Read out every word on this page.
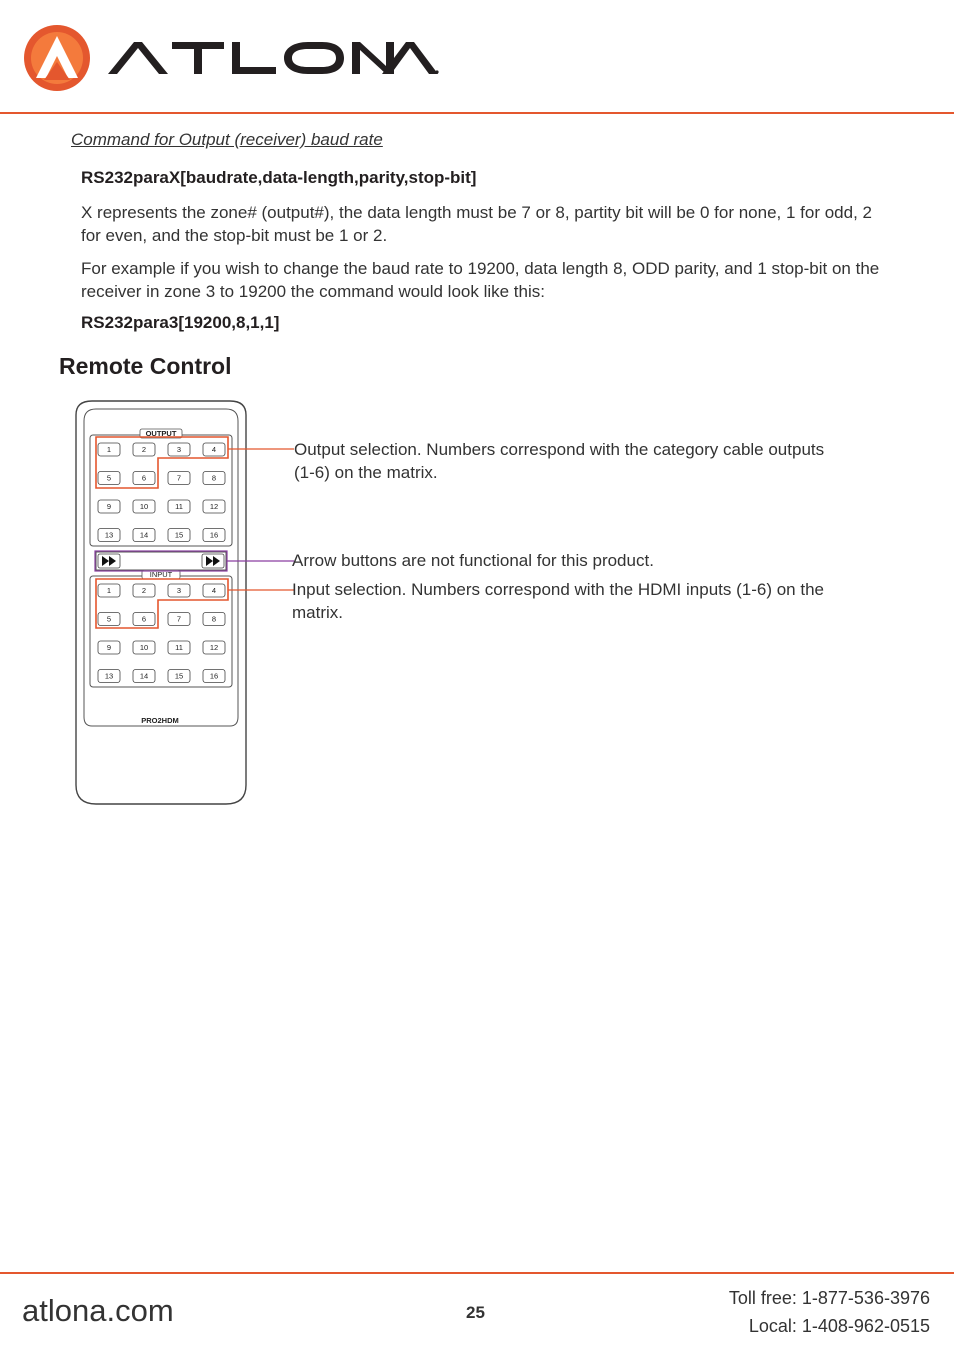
Command for Output (receiver) baud rate
RS232paraX[baudrate,data-length,parity,stop-bit]
X represents the zone# (output#), the data length must be 7 or 8, partity bit will be 0 for none, 1 for odd, 2 for even, and the stop-bit must be 1 or 2.
For example if you wish to change the baud rate to 19200, data length 8, ODD parity, and 1 stop-bit on the receiver in zone 3 to 19200 the command would look like this:
RS232para3[19200,8,1,1]
Remote Control
OUTPUT
1	2	3	4
5	6	7	8
9	10	11	12
13	14	15	16
INPUT
1	2	3	4
5	6	7	8
9	10	11	12
13	14	15	16
PRO2HDM
Output selection. Numbers correspond with the category cable outputs (1-6) on the matrix.
Arrow buttons are not functional for this product.
Input selection. Numbers correspond with the HDMI inputs (1-6) on the matrix.
atlona.com	25
Toll free: 1-877-536-3976
Local: 1-408-962-0515
